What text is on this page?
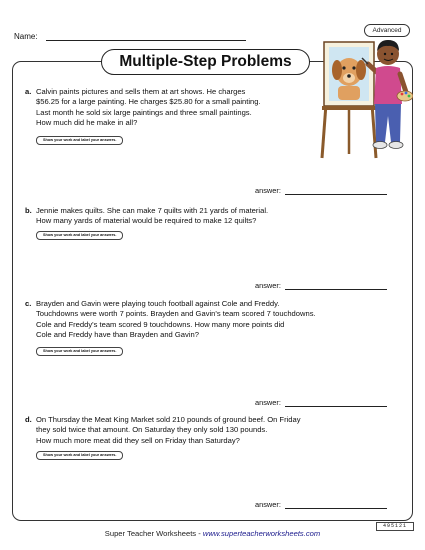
Name:
Advanced
Multiple-Step Problems
a. Calvin paints pictures and sells them at art shows. He charges
$56.25 for a large painting. He charges $25.80 for a small painting.
Last month he sold six large paintings and three small paintings.
How much did he make in all?
Show your work and label your answers.
answer:
b. Jennie makes quilts. She can make 7 quilts with 21 yards of material.
How many yards of material would be required to make 12 quilts?
Show your work and label your answers.
answer:
c. Brayden and Gavin were playing touch football against Cole and Freddy.
Touchdowns were worth 7 points. Brayden and Gavin's team scored 7 touchdowns.
Cole and Freddy's team scored 9 touchdowns. How many more points did
Cole and Freddy have than Brayden and Gavin?
Show your work and label your answers.
answer:
d. On Thursday the Meat King Market sold 210 pounds of ground beef. On Friday
they sold twice that amount. On Saturday they only sold 130 pounds.
How much more meat did they sell on Friday than Saturday?
Show your work and label your answers.
answer:
495121
Super Teacher Worksheets - www.superteacherworksheets.com
